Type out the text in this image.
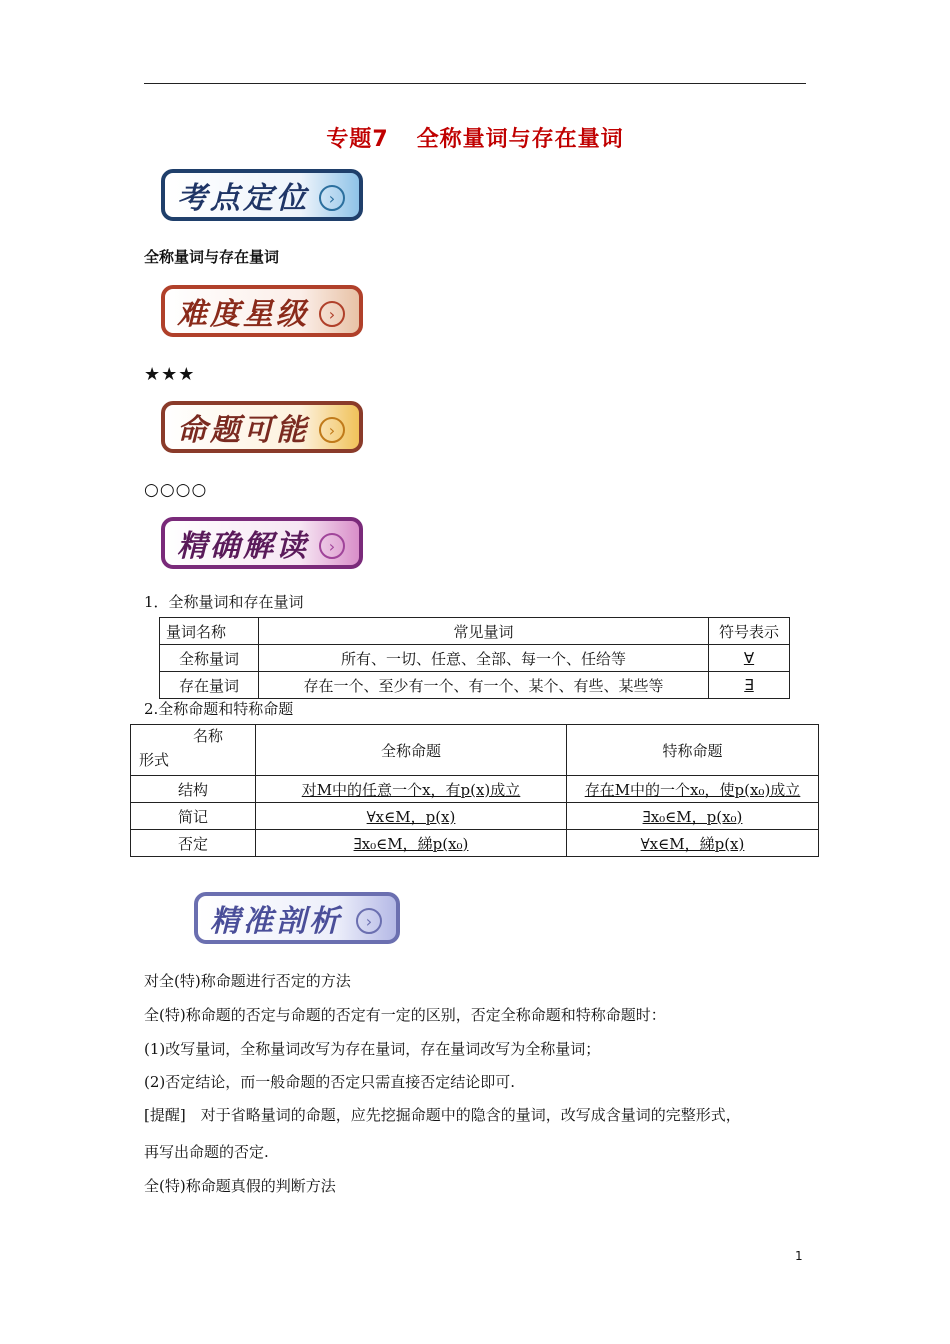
专题7 全称量词与存在量词
考点定位	›
全称量词与存在量词
难度星级	›
★★★
命题可能	›
○○○○
精确解读	›
1．全称量词和存在量词
量词名称	常见量词	符号表示
全称量词	所有、一切、任意、全部、每一个、任给等	∀
存在量词	存在一个、至少有一个、有一个、某个、有些、某些等	∃
2.全称命题和特称命题
名称
形式	全称命题	特称命题
结构	对M中的任意一个x，有p(x)成立	存在M中的一个x₀，使p(x₀)成立
简记	∀x∈M，p(x)	∃x₀∈M，p(x₀)
否定	∃x₀∈M，綈p(x₀)	∀x∈M，綈p(x)
精准剖析	›
对全(特)称命题进行否定的方法
全(特)称命题的否定与命题的否定有一定的区别，否定全称命题和特称命题时：
(1)改写量词，全称量词改写为存在量词，存在量词改写为全称量词；
(2)否定结论，而一般命题的否定只需直接否定结论即可.
[提醒]　对于省略量词的命题，应先挖掘命题中的隐含的量词，改写成含量词的完整形式，
再写出命题的否定.
全(特)称命题真假的判断方法
1
